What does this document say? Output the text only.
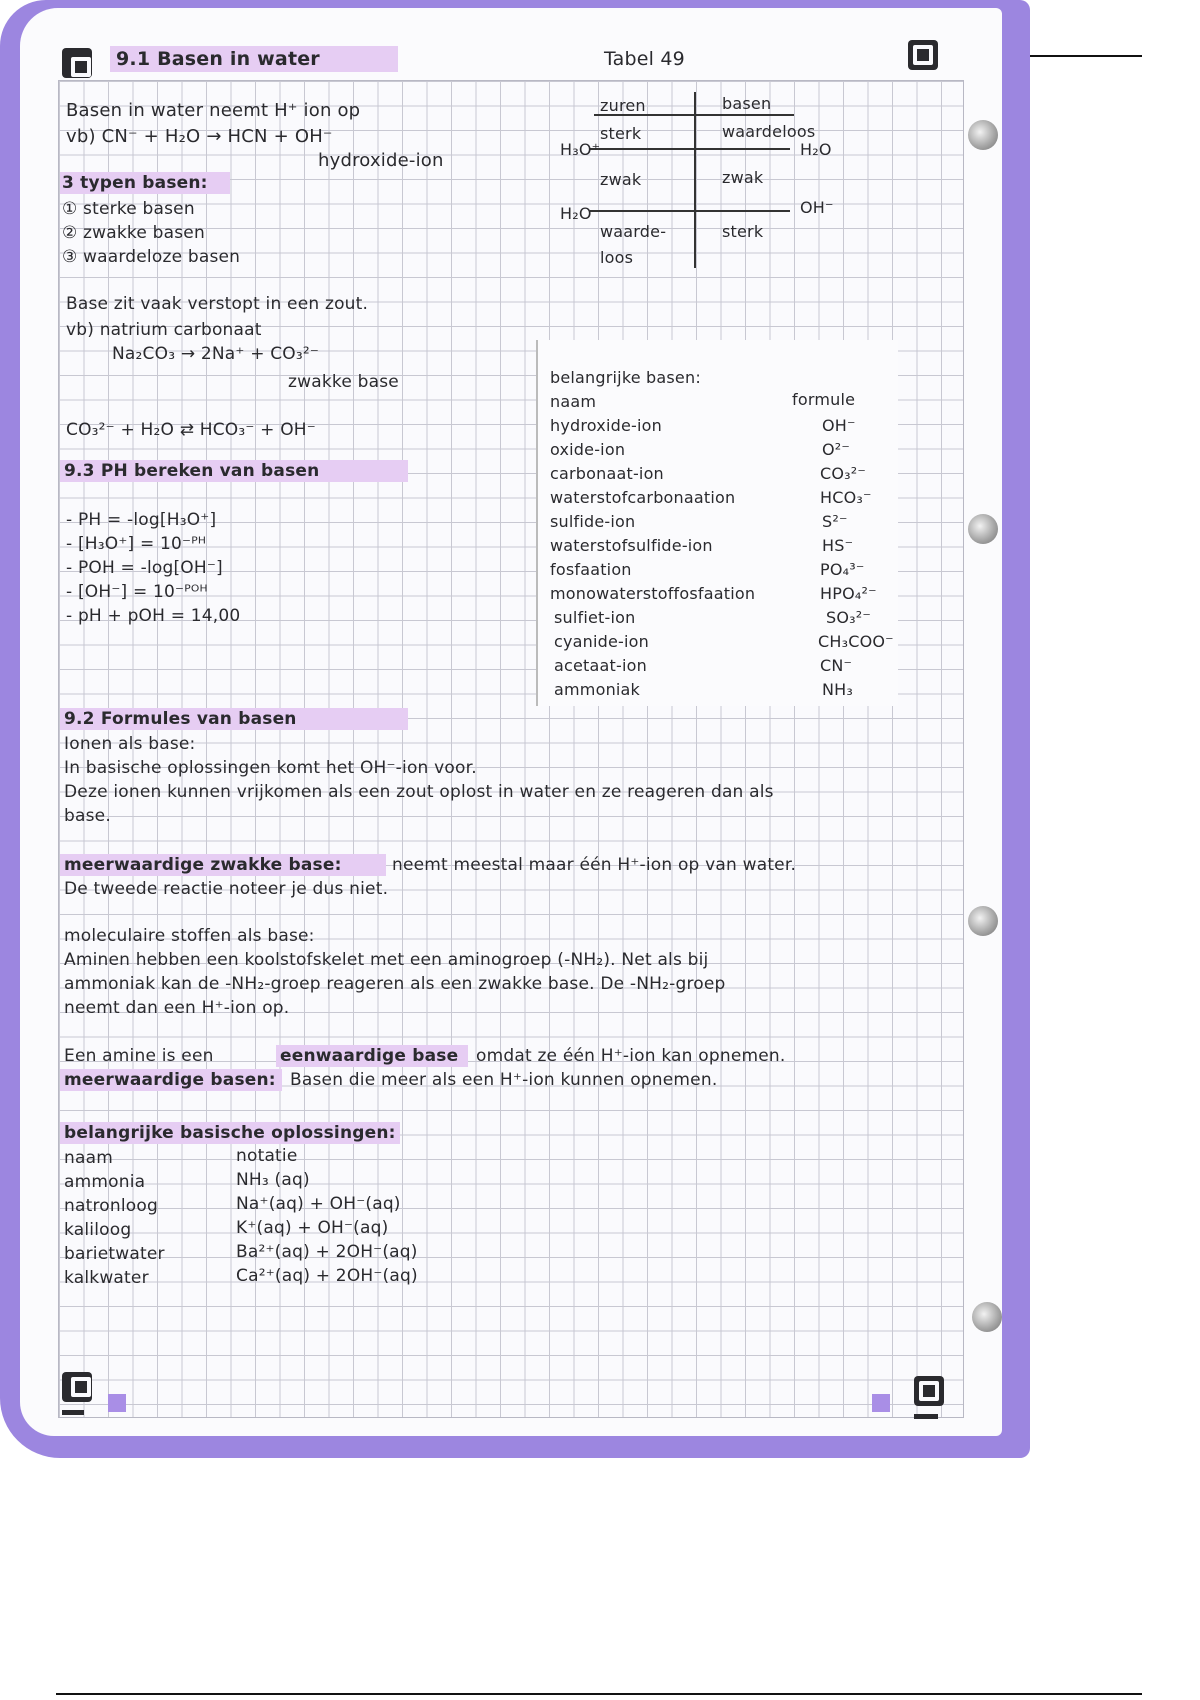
9.1 Basen in water	Tabel 49
Basen in water neemt H⁺ ion op
vb) CN⁻ + H₂O → HCN + OH⁻
hydroxide-ion
3 typen basen:
① sterke basen
② zwakke basen
③ waardeloze basen
Base zit vaak verstopt in een zout.
vb) natrium carbonaat
Na₂CO₃ → 2Na⁺ + CO₃²⁻
zwakke base
CO₃²⁻ + H₂O ⇄ HCO₃⁻ + OH⁻
zuren	basen
H₃O⁺
H₂O
H₂O
OH⁻
sterk	waardeloos
zwak	zwak
waarde-	sterk
loos
9.3 PH bereken van basen
- PH = -log[H₃O⁺]
- [H₃O⁺] = 10⁻ᴾᴴ
- POH = -log[OH⁻]
- [OH⁻] = 10⁻ᴾᴼᴴ
- pH + pOH = 14,00
belangrijke basen:
naam	formule
hydroxide-ion	OH⁻
oxide-ion	O²⁻
carbonaat-ion	CO₃²⁻
waterstofcarbonaation	HCO₃⁻
sulfide-ion	S²⁻
waterstofsulfide-ion	HS⁻
fosfaation	PO₄³⁻
monowaterstoffosfaation	HPO₄²⁻
sulfiet-ion	SO₃²⁻
cyanide-ion	CH₃COO⁻
acetaat-ion	CN⁻
ammoniak	NH₃
9.2 Formules van basen
Ionen als base:
In basische oplossingen komt het OH⁻-ion voor.
Deze ionen kunnen vrijkomen als een zout oplost in water en ze reageren dan als
base.
meerwaardige zwakke base:	neemt meestal maar één H⁺-ion op van water.
De tweede reactie noteer je dus niet.
moleculaire stoffen als base:
Aminen hebben een koolstofskelet met een aminogroep (-NH₂). Net als bij
ammoniak kan de -NH₂-groep reageren als een zwakke base. De -NH₂-groep
neemt dan een H⁺-ion op.
Een amine is een	eenwaardige base omdat ze één H⁺-ion kan opnemen.
meerwaardige basen: Basen die meer als een H⁺-ion kunnen opnemen.
belangrijke basische oplossingen:
naam	notatie
ammonia	NH₃ (aq)
natronloog	Na⁺(aq) + OH⁻(aq)
kaliloog	K⁺(aq) + OH⁻(aq)
barietwater	Ba²⁺(aq) + 2OH⁻(aq)
kalkwater	Ca²⁺(aq) + 2OH⁻(aq)
